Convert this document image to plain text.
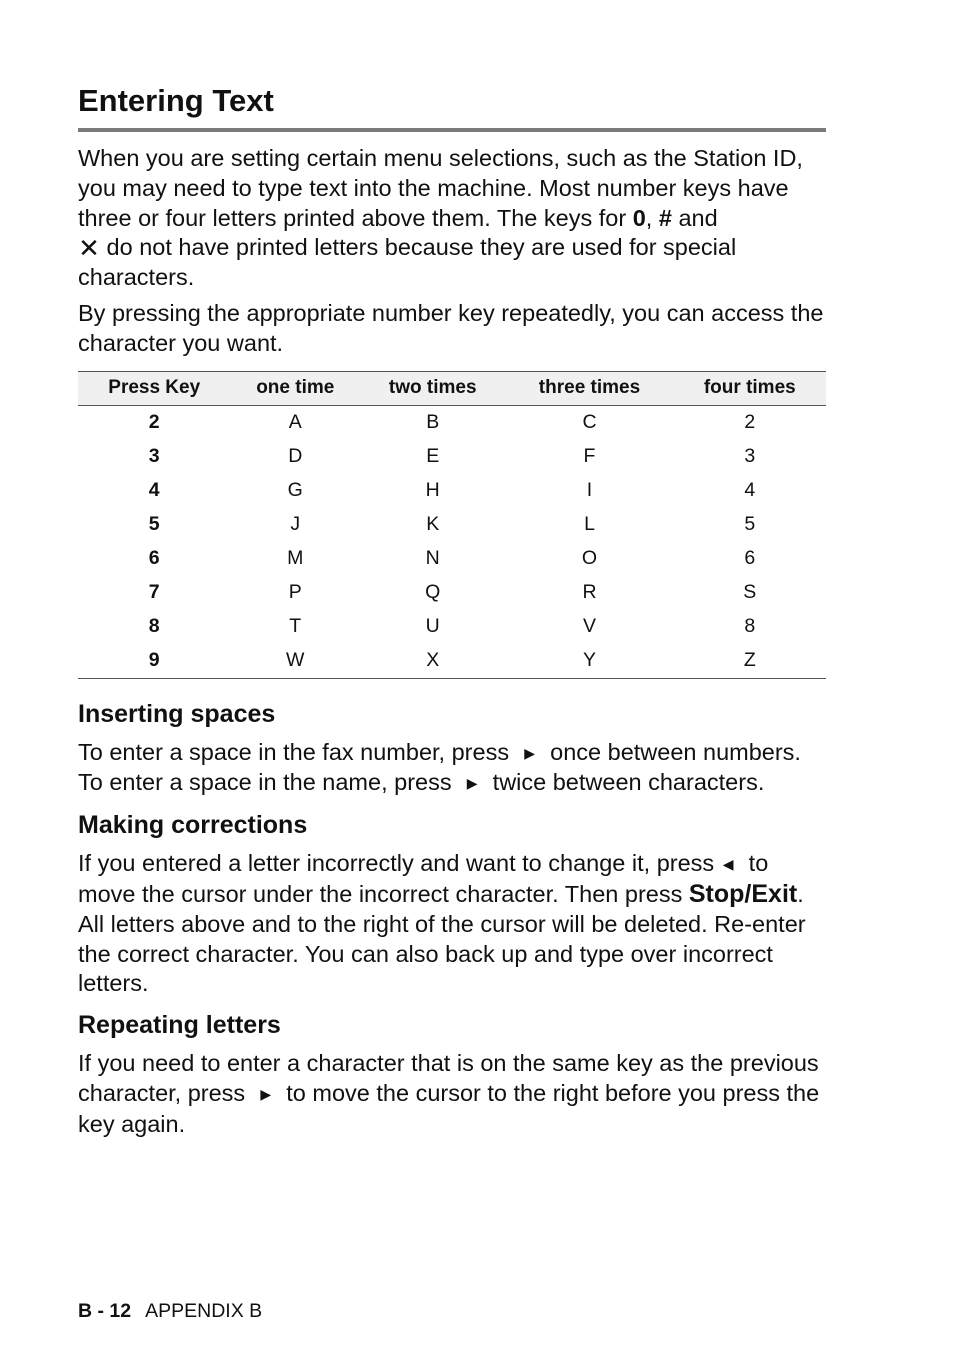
Entering Text

When you are setting certain menu selections, such as the Station ID, you may need to type text into the machine. Most number keys have three or four letters printed above them. The keys for 0, # and
✕ do not have printed letters because they are used for special characters.

By pressing the appropriate number key repeatedly, you can access the character you want.

Press Key	one time	two times	three times	four times
2	A	B	C	2
3	D	E	F	3
4	G	H	I	4
5	J	K	L	5
6	M	N	O	6
7	P	Q	R	S
8	T	U	V	8
9	W	X	Y	Z
Inserting spaces

To enter a space in the fax number, press ▶ once between numbers. To enter a space in the name, press ▶ twice between characters.

Making corrections

If you entered a letter incorrectly and want to change it, press ◀ to move the cursor under the incorrect character. Then press Stop/Exit. All letters above and to the right of the cursor will be deleted. Re-enter the correct character. You can also back up and type over incorrect letters.

Repeating letters

If you need to enter a character that is on the same key as the previous character, press ▶ to move the cursor to the right before you press the key again.

B - 12 APPENDIX B
